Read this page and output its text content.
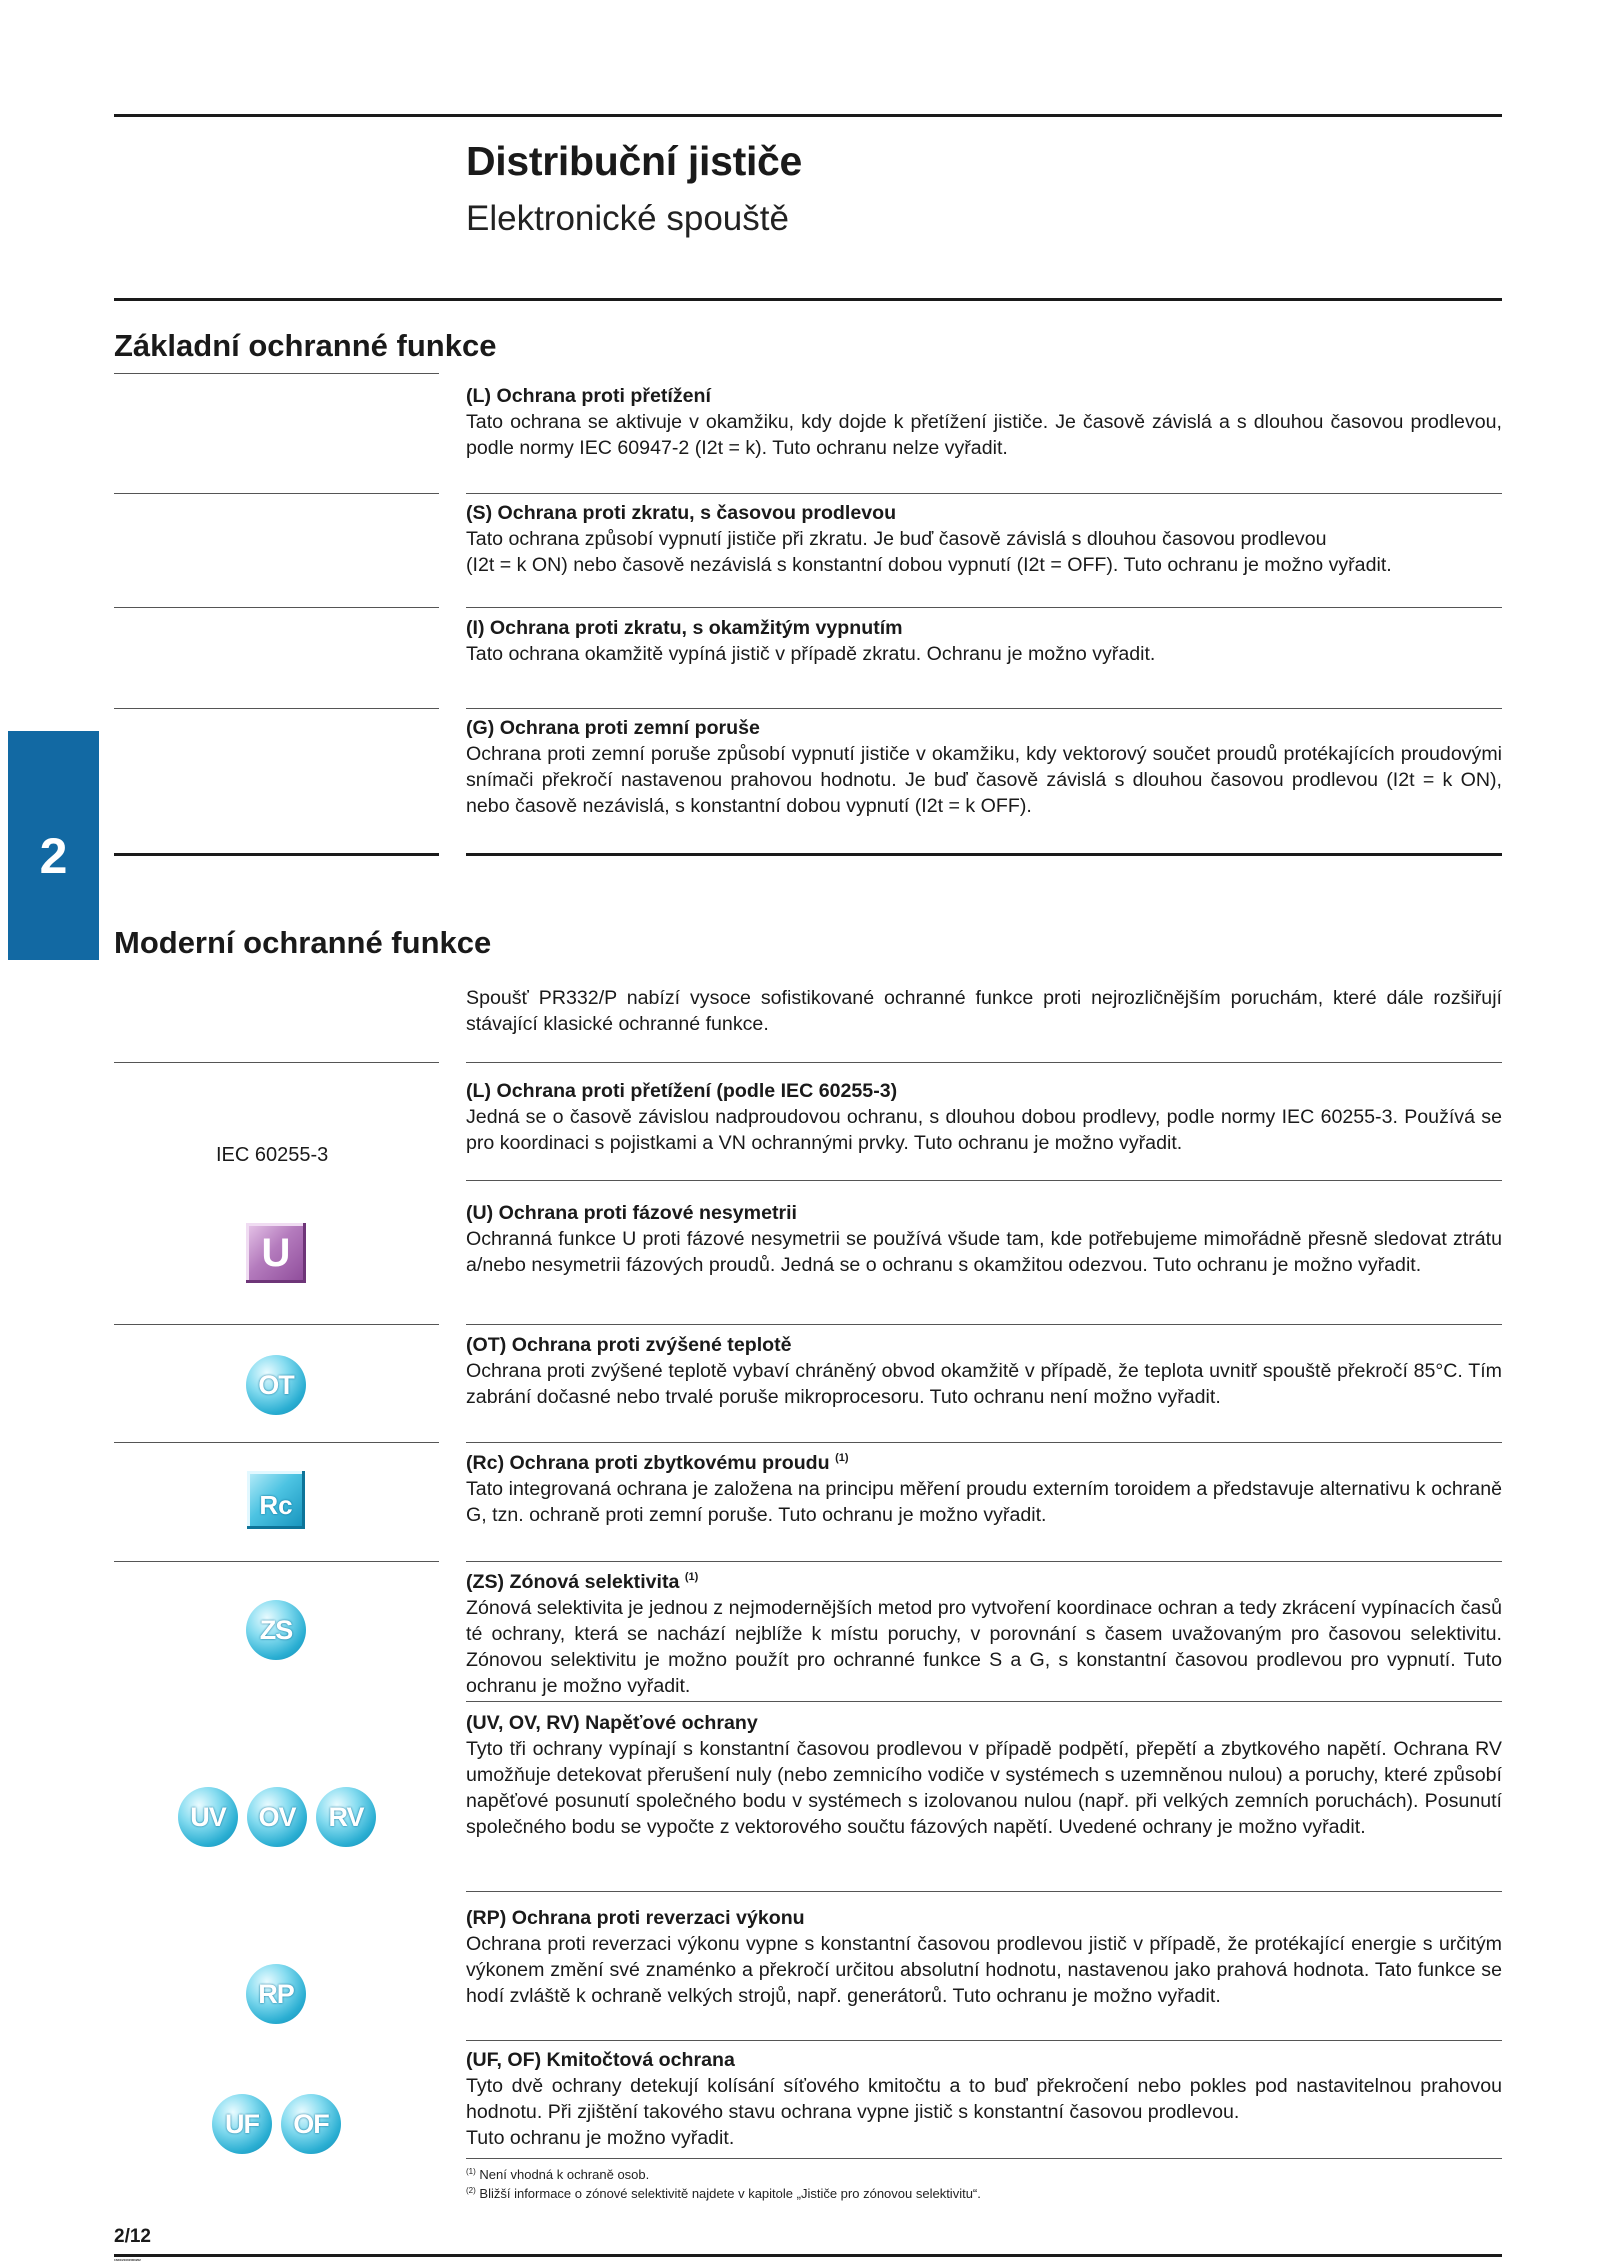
Distribuční jističe
Elektronické spouště
Základní ochranné funkce
2
(L) Ochrana proti přetížení
Tato ochrana se aktivuje v okamžiku, kdy dojde k přetížení jističe. Je časově závislá a s dlouhou časovou prodlevou, podle normy IEC 60947-2 (I2t = k). Tuto ochranu nelze vyřadit.
(S) Ochrana proti zkratu, s časovou prodlevou
Tato ochrana způsobí vypnutí jističe při zkratu. Je buď časově závislá s dlouhou časovou prodlevou
(I2t = k ON) nebo časově nezávislá s konstantní dobou vypnutí (I2t = OFF). Tuto ochranu je možno vyřadit.
(I) Ochrana proti zkratu, s okamžitým vypnutím
Tato ochrana okamžitě vypíná jistič v případě zkratu. Ochranu je možno vyřadit.
(G) Ochrana proti zemní poruše
Ochrana proti zemní poruše způsobí vypnutí jističe v okamžiku, kdy vektorový součet proudů protékajících proudovými snímači překročí nastavenou prahovou hodnotu. Je buď časově závislá s dlouhou časovou prodlevou (I2t = k ON), nebo časově nezávislá, s konstantní dobou vypnutí (I2t = k OFF).
Moderní ochranné funkce
Spoušť PR332/P nabízí vysoce sofistikované ochranné funkce proti nejrozličnějším poruchám, které dále rozšiřují stávající klasické ochranné funkce.
IEC 60255-3
U
OT
Rc
ZS
UV OV RV
RP
UF OF
(L) Ochrana proti přetížení (podle IEC 60255-3)
Jedná se o časově závislou nadproudovou ochranu, s dlouhou dobou prodlevy, podle normy IEC 60255-3. Používá se pro koordinaci s pojistkami a VN ochrannými prvky. Tuto ochranu je možno vyřadit.
(U) Ochrana proti fázové nesymetrii
Ochranná funkce U proti fázové nesymetrii se používá všude tam, kde potřebujeme mimořádně přesně sledovat ztrátu a/nebo nesymetrii fázových proudů. Jedná se o ochranu s okamžitou odezvou. Tuto ochranu je možno vyřadit.
(OT) Ochrana proti zvýšené teplotě
Ochrana proti zvýšené teplotě vybaví chráněný obvod okamžitě v případě, že teplota uvnitř spouště překročí 85°C. Tím zabrání dočasné nebo trvalé poruše mikroprocesoru. Tuto ochranu není možno vyřadit.
(Rc) Ochrana proti zbytkovému proudu $^{(1)}$
Tato integrovaná ochrana je založena na principu měření proudu externím toroidem a představuje alternativu k ochraně G, tzn. ochraně proti zemní poruše. Tuto ochranu je možno vyřadit.
(ZS) Zónová selektivita $^{(1)}$
Zónová selektivita je jednou z nejmodernějších metod pro vytvoření koordinace ochran a tedy zkrácení vypínacích časů té ochrany, která se nachází nejblíže k místu poruchy, v porovnání s časem uvažovaným pro časovou selektivitu. Zónovou selektivitu je možno použít pro ochranné funkce S a G, s konstantní časovou prodlevou pro vypnutí. Tuto ochranu je možno vyřadit.
(UV, OV, RV) Napěťové ochrany
Tyto tři ochrany vypínají s konstantní časovou prodlevou v případě podpětí, přepětí a zbytkového napětí. Ochrana RV umožňuje detekovat přerušení nuly (nebo zemnicího vodiče v systémech s uzemněnou nulou) a poruchy, které způsobí napěťové posunutí společného bodu v systémech s izolovanou nulou (např. při velkých zemních poruchách). Posunutí společného bodu se vypočte z vektorového součtu fázových napětí. Uvedené ochrany je možno vyřadit.
(RP) Ochrana proti reverzaci výkonu
Ochrana proti reverzaci výkonu vypne s konstantní časovou prodlevou jistič v případě, že protékající energie s určitým výkonem změní své znaménko a překročí určitou absolutní hodnotu, nastavenou jako prahová hodnota. Tato funkce se hodí zvláště k ochraně velkých strojů, např. generátorů. Tuto ochranu je možno vyřadit.
(UF, OF) Kmitočtová ochrana
Tyto dvě ochrany detekují kolísání síťového kmitočtu a to buď překročení nebo pokles pod nastavitelnou prahovou hodnotu. Při zjištění takového stavu ochrana vypne jistič s konstantní časovou prodlevou.
Tuto ochranu je možno vyřadit.
$^{(1)}$ Není vhodná k ochraně osob.
$^{(2)}$ Bližší informace o zónové selektivitě najdete v kapitole „Jističe pro zónovou selektivitu“.
2/12
1SDC210015D0202
